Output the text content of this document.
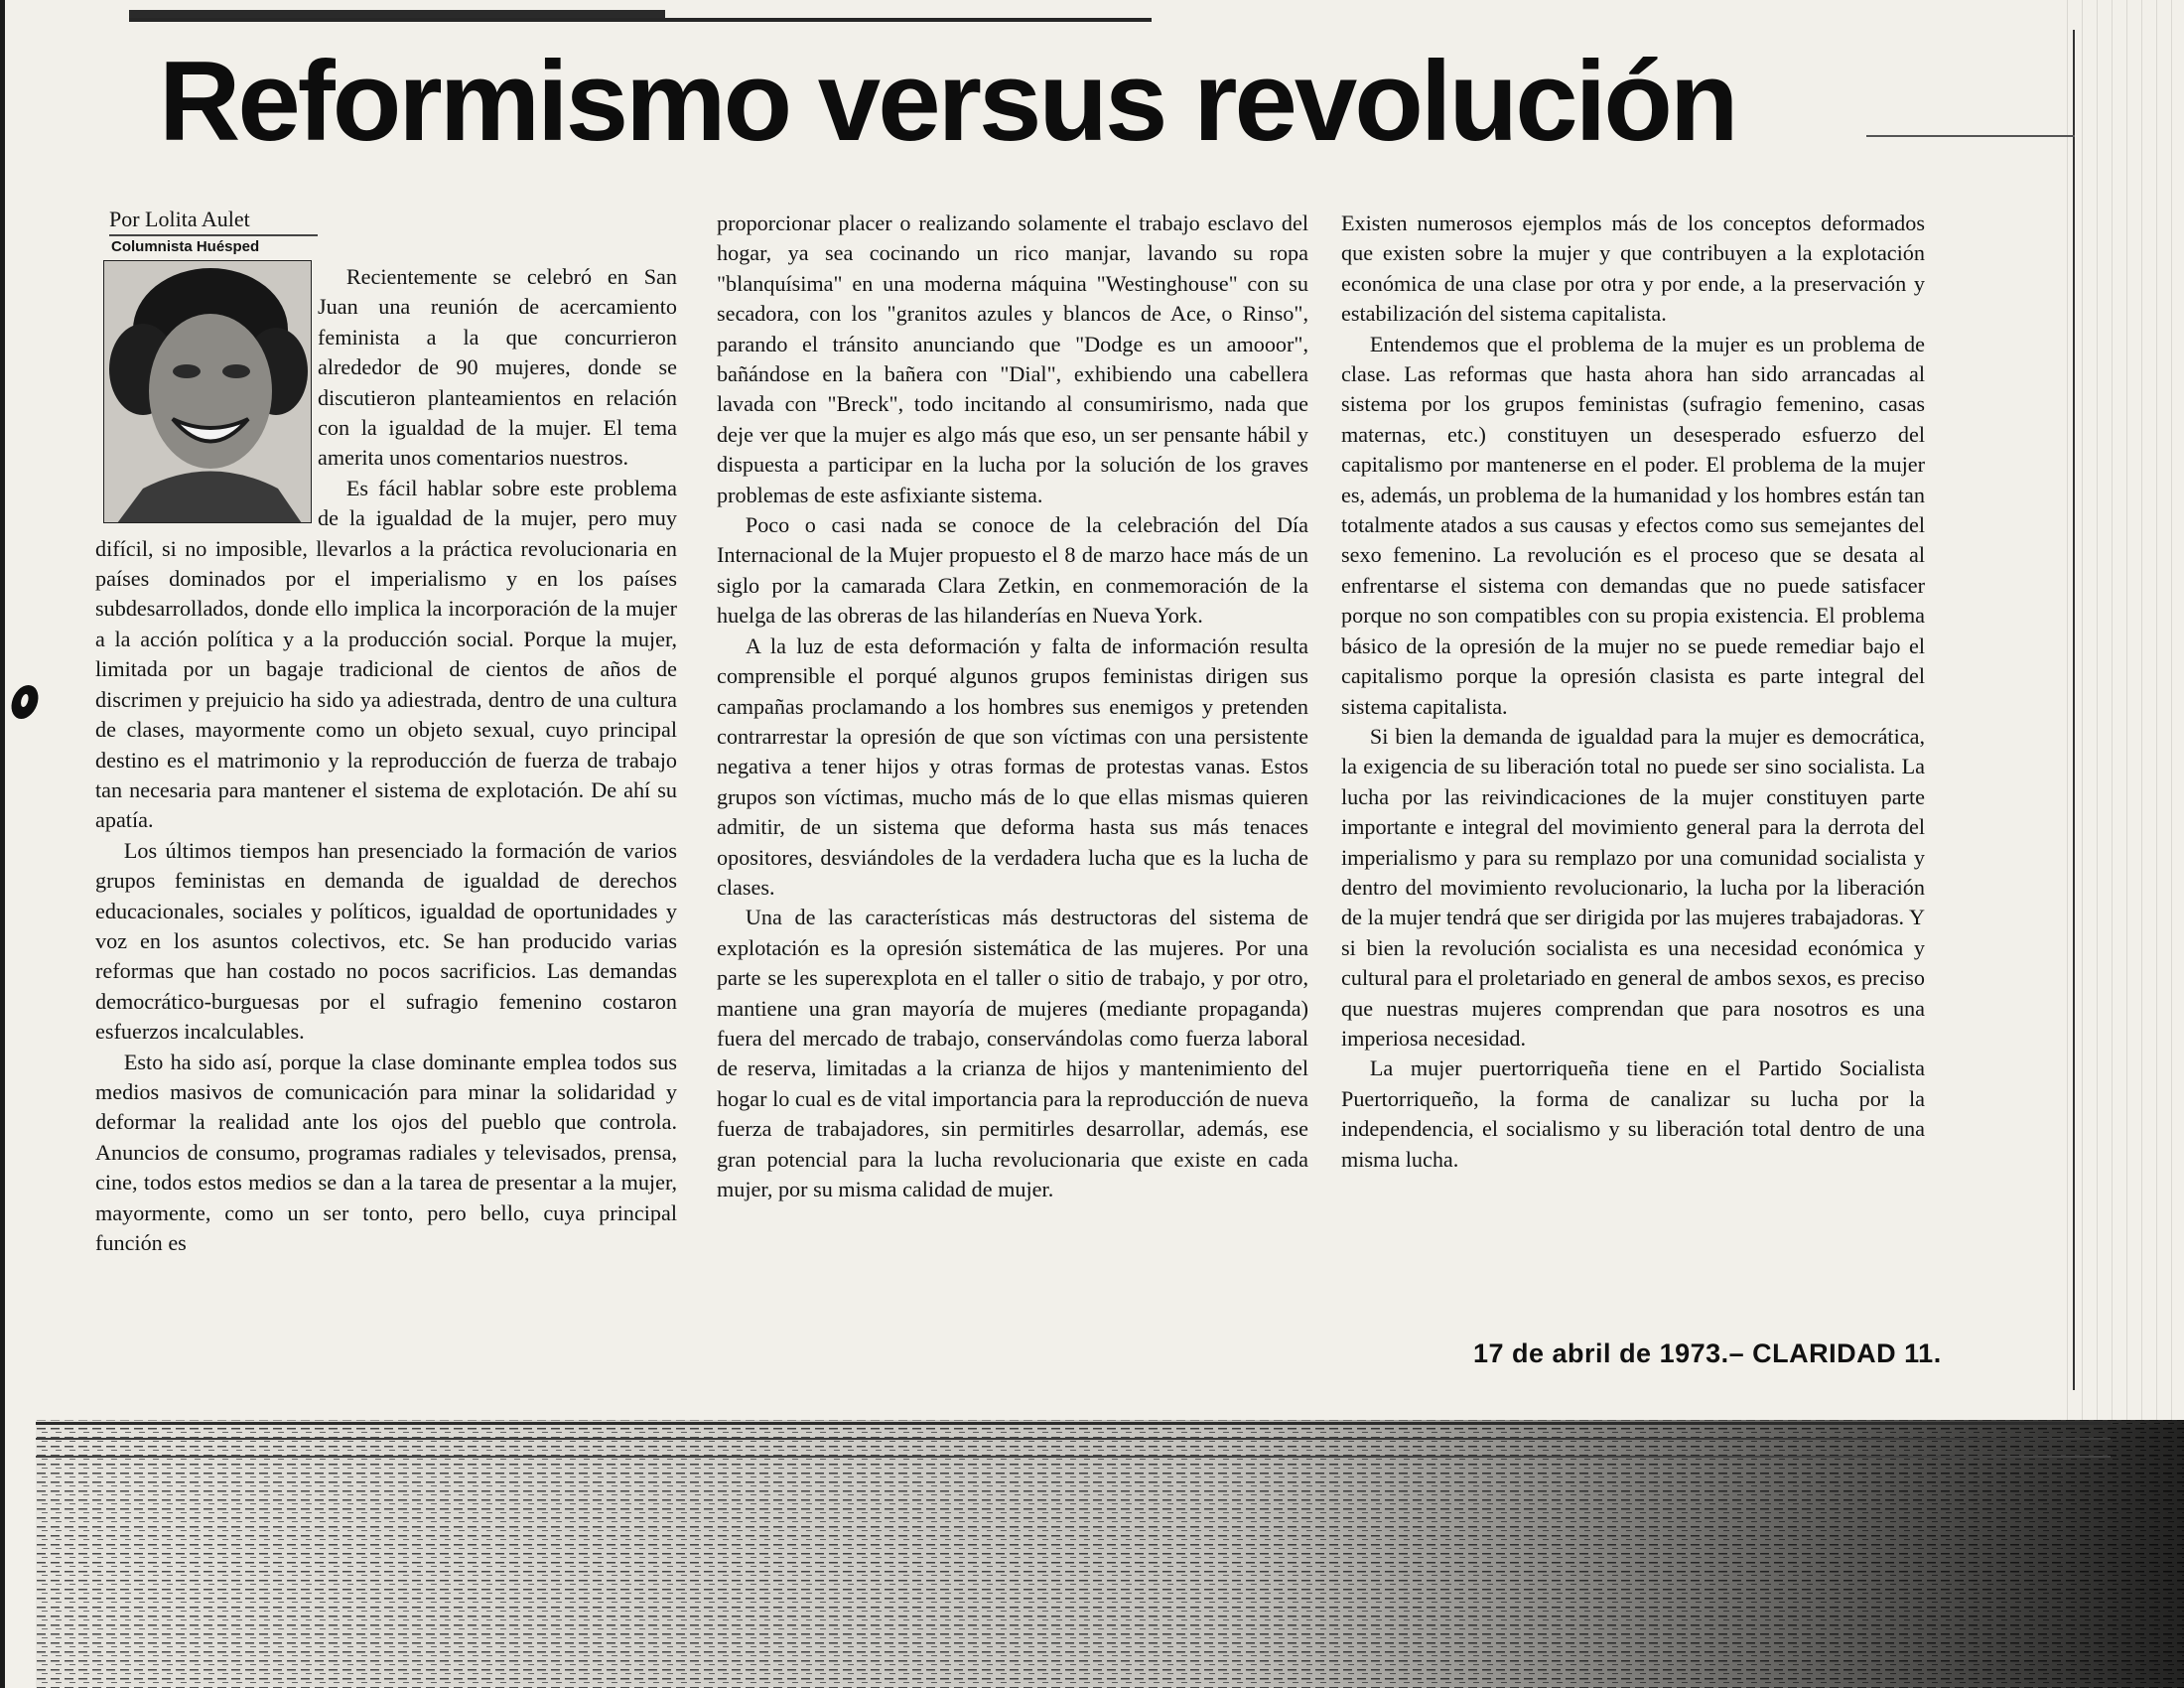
Reformismo versus revolución
Por Lolita Aulet
Columnista Huésped

Recientemente se celebró en San Juan una reunión de acercamiento feminista a la que concurrieron alrededor de 90 mujeres, donde se discutieron planteamientos en relación con la igualdad de la mujer. El tema amerita unos comentarios nuestros.

Es fácil hablar sobre este problema de la igualdad de la mujer, pero muy difícil, si no imposible, llevarlos a la práctica revolucionaria en países dominados por el imperialismo y en los países subdesarrollados, donde ello implica la incorporación de la mujer a la acción política y a la producción social. Porque la mujer, limitada por un bagaje tradicional de cientos de años de discrimen y prejuicio ha sido ya adiestrada, dentro de una cultura de clases, mayormente como un objeto sexual, cuyo principal destino es el matrimonio y la reproducción de fuerza de trabajo tan necesaria para mantener el sistema de explotación. De ahí su apatía.

Los últimos tiempos han presenciado la formación de varios grupos feministas en demanda de igualdad de derechos educacionales, sociales y políticos, igualdad de oportunidades y voz en los asuntos colectivos, etc. Se han producido varias reformas que han costado no pocos sacrificios. Las demandas democrático-burguesas por el sufragio femenino costaron esfuerzos incalculables.

Esto ha sido así, porque la clase dominante emplea todos sus medios masivos de comunicación para minar la solidaridad y deformar la realidad ante los ojos del pueblo que controla. Anuncios de consumo, programas radiales y televisados, prensa, cine, todos estos medios se dan a la tarea de presentar a la mujer, mayormente, como un ser tonto, pero bello, cuya principal función es

proporcionar placer o realizando solamente el trabajo esclavo del hogar, ya sea cocinando un rico manjar, lavando su ropa "blanquísima" en una moderna máquina "Westinghouse" con su secadora, con los "granitos azules y blancos de Ace, o Rinso", parando el tránsito anunciando que "Dodge es un amooor", bañándose en la bañera con "Dial", exhibiendo una cabellera lavada con "Breck", todo incitando al consumirismo, nada que deje ver que la mujer es algo más que eso, un ser pensante hábil y dispuesta a participar en la lucha por la solución de los graves problemas de este asfixiante sistema.

Poco o casi nada se conoce de la celebración del Día Internacional de la Mujer propuesto el 8 de marzo hace más de un siglo por la camarada Clara Zetkin, en conmemoración de la huelga de las obreras de las hilanderías en Nueva York.

A la luz de esta deformación y falta de información resulta comprensible el porqué algunos grupos feministas dirigen sus campañas proclamando a los hombres sus enemigos y pretenden contrarrestar la opresión de que son víctimas con una persistente negativa a tener hijos y otras formas de protestas vanas. Estos grupos son víctimas, mucho más de lo que ellas mismas quieren admitir, de un sistema que deforma hasta sus más tenaces opositores, desviándoles de la verdadera lucha que es la lucha de clases.

Una de las características más destructoras del sistema de explotación es la opresión sistemática de las mujeres. Por una parte se les superexplota en el taller o sitio de trabajo, y por otro, mantiene una gran mayoría de mujeres (mediante propaganda) fuera del mercado de trabajo, conservándolas como fuerza laboral de reserva, limitadas a la crianza de hijos y mantenimiento del hogar lo cual es de vital importancia para la reproducción de nueva fuerza de trabajadores, sin permitirles desarrollar, además, ese gran potencial para la lucha revolucionaria que existe en cada mujer, por su misma calidad de mujer.

Existen numerosos ejemplos más de los conceptos deformados que existen sobre la mujer y que contribuyen a la explotación económica de una clase por otra y por ende, a la preservación y estabilización del sistema capitalista.

Entendemos que el problema de la mujer es un problema de clase. Las reformas que hasta ahora han sido arrancadas al sistema por los grupos feministas (sufragio femenino, casas maternas, etc.) constituyen un desesperado esfuerzo del capitalismo por mantenerse en el poder. El problema de la mujer es, además, un problema de la humanidad y los hombres están tan totalmente atados a sus causas y efectos como sus semejantes del sexo femenino. La revolución es el proceso que se desata al enfrentarse el sistema con demandas que no puede satisfacer porque no son compatibles con su propia existencia. El problema básico de la opresión de la mujer no se puede remediar bajo el capitalismo porque la opresión clasista es parte integral del sistema capitalista.

Si bien la demanda de igualdad para la mujer es democrática, la exigencia de su liberación total no puede ser sino socialista. La lucha por las reivindicaciones de la mujer constituyen parte importante e integral del movimiento general para la derrota del imperialismo y para su remplazo por una comunidad socialista y dentro del movimiento revolucionario, la lucha por la liberación de la mujer tendrá que ser dirigida por las mujeres trabajadoras. Y si bien la revolución socialista es una necesidad económica y cultural para el proletariado en general de ambos sexos, es preciso que nuestras mujeres comprendan que para nosotros es una imperiosa necesidad.

La mujer puertorriqueña tiene en el Partido Socialista Puertorriqueño, la forma de canalizar su lucha por la independencia, el socialismo y su liberación total dentro de una misma lucha.

17 de abril de 1973.– CLARIDAD 11.
